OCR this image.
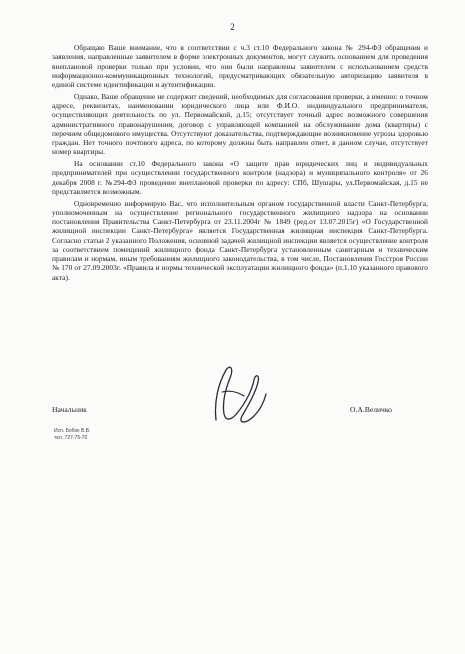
2

Обращаю Ваше внимание, что в соответствии с ч.3 ст.10 Федерального закона № 294-ФЗ обращения и заявления, направленные заявителем в форме электронных документов, могут служить основанием для проведения внеплановой проверки только при условии, что они были направлены заявителем с использованием средств информационно-коммуникационных технологий, предусматривающих обязательную авторизацию заявителя в единой системе идентификации и аутентификации.

Однако, Ваше обращение не содержит сведений, необходимых для согласования проверки, а именно: о точном адресе, реквизитах, наименовании юридического лица или Ф.И.О. индивидуального предпринимателя, осуществляющих деятельность по ул. Первомайской, д.15; отсутствует точный адрес возможного совершения административного правонарушения, договор с управляющей компанией на обслуживание дома (квартиры) с перечнем общедомового имущества. Отсутствуют доказательства, подтверждающие возникновение угрозы здоровью граждан. Нет точного почтового адреса, по которому должны быть направлен ответ, в данном случае, отсутствует номер квартиры.

На основании ст.10 Федерального закона «О защите прав юридических лиц и индивидуальных предпринимателей при осуществлении государственного контроля (надзора) и муниципального контроля» от 26 декабря 2008 г. №294-ФЗ проведение внеплановой проверки по адресу: СПб, Шушары, ул.Первомайская, д.15 не представляется возможным.

Одновременно информирую Вас, что исполнительным органом государственной власти Санкт-Петербурга, уполномоченным на осуществление регионального государственного жилищного надзора на основании постановления Правительства Санкт-Петербурга от 23.11.2004г № 1849 (ред.от 13.07.2015г) «О Государственной жилищной инспекции Санкт-Петербурга» является Государственная жилищная инспекция Санкт-Петербурга. Согласно статьи 2 указанного Положения, основной задачей жилищной инспекции является осуществление контроля за соответствием помещений жилищного фонда Санкт-Петербурга установленным санитарным и техническим правилам и нормам, иным требованиям жилищного законодательства, в том числе, Постановления Госстроя России № 170 от 27.09.2003г. «Правила и нормы технической эксплуатации жилищного фонда» (п.1.10 указанного правового акта).

Начальник	О.А.Величко
Исп. Бобок В.В.
тел. 727-75-70
